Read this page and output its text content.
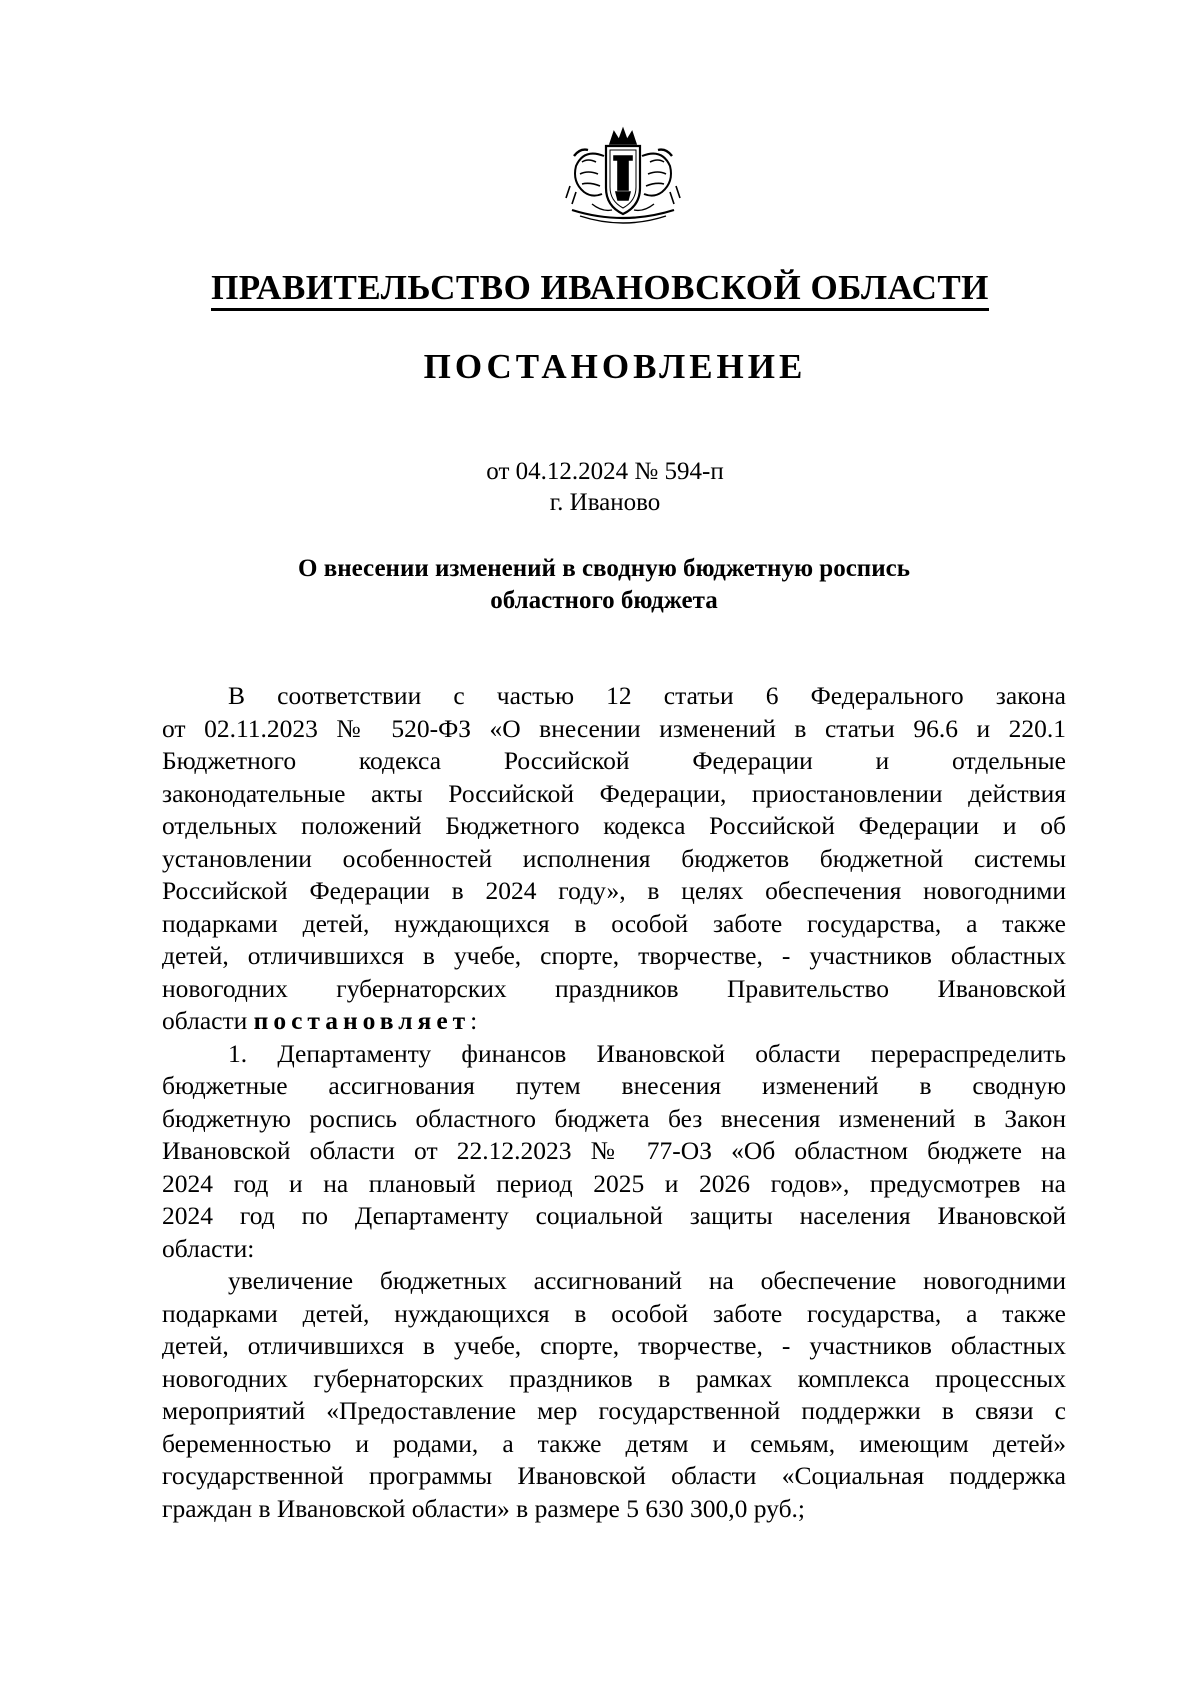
ПРАВИТЕЛЬСТВО ИВАНОВСКОЙ ОБЛАСТИ
ПОСТАНОВЛЕНИЕ
от 04.12.2024 № 594-п
г. Иваново
О внесении изменений в сводную бюджетную роспись
областного бюджета
В соответствии с частью 12 статьи 6 Федерального закона
от 02.11.2023 № 520-ФЗ «О внесении изменений в статьи 96.6 и 220.1
Бюджетного кодекса Российской Федерации и отдельные
законодательные акты Российской Федерации, приостановлении действия
отдельных положений Бюджетного кодекса Российской Федерации и об
установлении особенностей исполнения бюджетов бюджетной системы
Российской Федерации в 2024 году», в целях обеспечения новогодними
подарками детей, нуждающихся в особой заботе государства, а также
детей, отличившихся в учебе, спорте, творчестве, - участников областных
новогодних губернаторских праздников Правительство Ивановской
области постановляет:
1. Департаменту финансов Ивановской области перераспределить
бюджетные ассигнования путем внесения изменений в сводную
бюджетную роспись областного бюджета без внесения изменений в Закон
Ивановской области от 22.12.2023 № 77-ОЗ «Об областном бюджете на
2024 год и на плановый период 2025 и 2026 годов», предусмотрев на
2024 год по Департаменту социальной защиты населения Ивановской
области:
увеличение бюджетных ассигнований на обеспечение новогодними
подарками детей, нуждающихся в особой заботе государства, а также
детей, отличившихся в учебе, спорте, творчестве, - участников областных
новогодних губернаторских праздников в рамках комплекса процессных
мероприятий «Предоставление мер государственной поддержки в связи с
беременностью и родами, а также детям и семьям, имеющим детей»
государственной программы Ивановской области «Социальная поддержка
граждан в Ивановской области» в размере 5 630 300,0 руб.;
